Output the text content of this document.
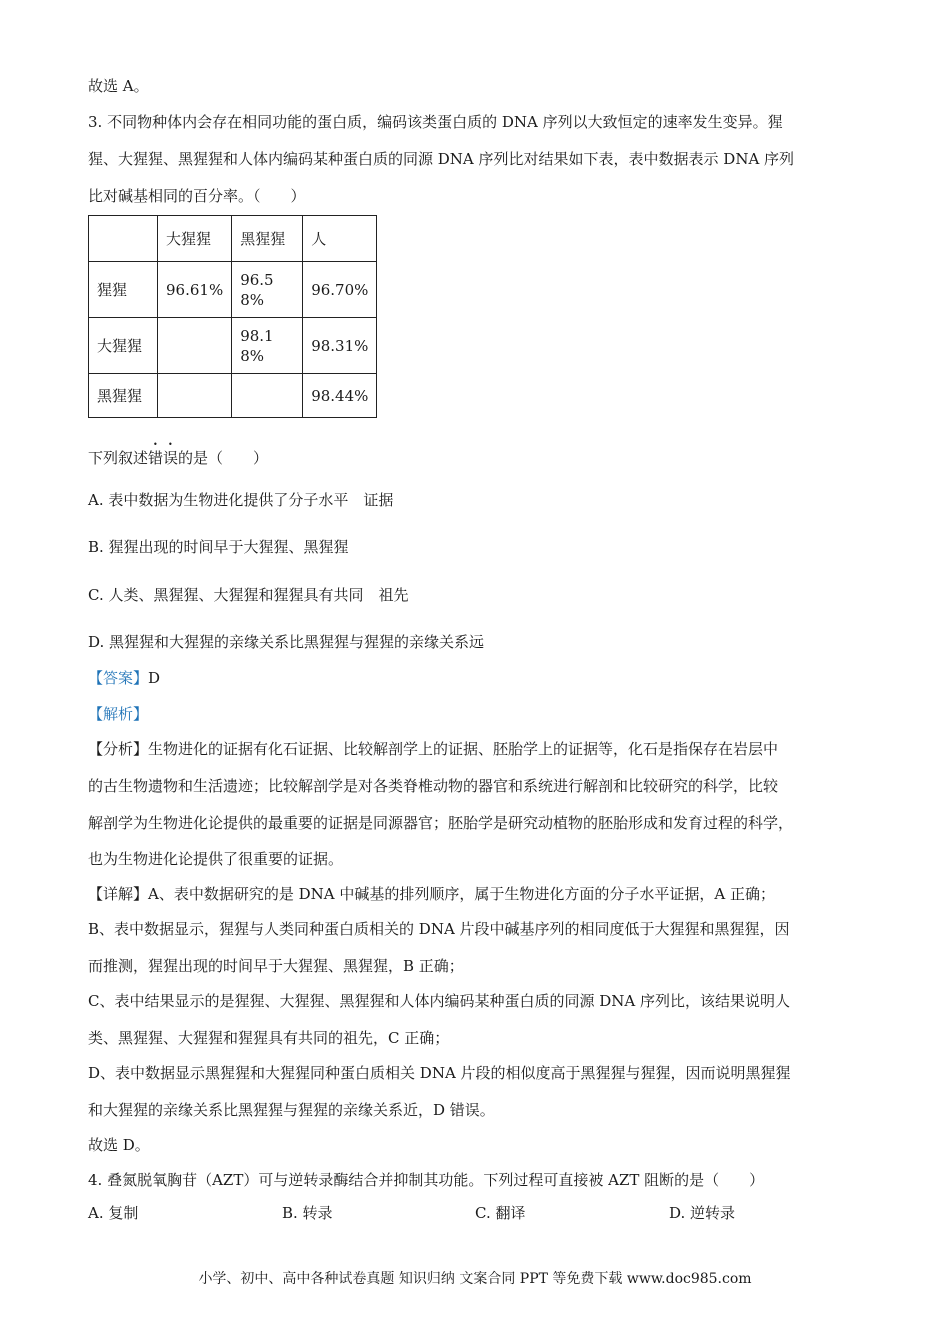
故选 A。
3. 不同物种体内会存在相同功能的蛋白质，编码该类蛋白质的 DNA 序列以大致恒定的速率发生变异。猩
猩、大猩猩、黑猩猩和人体内编码某种蛋白质的同源 DNA 序列比对结果如下表，表中数据表示 DNA 序列
比对碱基相同的百分率。（　　）
	大猩猩	黑猩猩	人
猩猩	96.61%	96.58%	96.70%
大猩猩		98.18%	98.31%
黑猩猩			98.44%
下列叙述错误的是（　　）
A. 表中数据为生物进化提供了分子水平　证据
B. 猩猩出现的时间早于大猩猩、黑猩猩
C. 人类、黑猩猩、大猩猩和猩猩具有共同　祖先
D. 黑猩猩和大猩猩的亲缘关系比黑猩猩与猩猩的亲缘关系远
【答案】D
【解析】
【分析】生物进化的证据有化石证据、比较解剖学上的证据、胚胎学上的证据等，化石是指保存在岩层中
的古生物遗物和生活遗迹；比较解剖学是对各类脊椎动物的器官和系统进行解剖和比较研究的科学，比较
解剖学为生物进化论提供的最重要的证据是同源器官；胚胎学是研究动植物的胚胎形成和发育过程的科学，
也为生物进化论提供了很重要的证据。
【详解】A、表中数据研究的是 DNA 中碱基的排列顺序，属于生物进化方面的分子水平证据，A 正确；
B、表中数据显示，猩猩与人类同种蛋白质相关的 DNA 片段中碱基序列的相同度低于大猩猩和黑猩猩，因
而推测，猩猩出现的时间早于大猩猩、黑猩猩，B 正确；
C、表中结果显示的是猩猩、大猩猩、黑猩猩和人体内编码某种蛋白质的同源 DNA 序列比，该结果说明人
类、黑猩猩、大猩猩和猩猩具有共同的祖先，C 正确；
D、表中数据显示黑猩猩和大猩猩同种蛋白质相关 DNA 片段的相似度高于黑猩猩与猩猩，因而说明黑猩猩
和大猩猩的亲缘关系比黑猩猩与猩猩的亲缘关系近，D 错误。
故选 D。
4. 叠氮脱氧胸苷（AZT）可与逆转录酶结合并抑制其功能。下列过程可直接被 AZT 阻断的是（　　）
A. 复制	B. 转录	C. 翻译	D. 逆转录
小学、初中、高中各种试卷真题 知识归纳 文案合同 PPT 等免费下载 www.doc985.com
